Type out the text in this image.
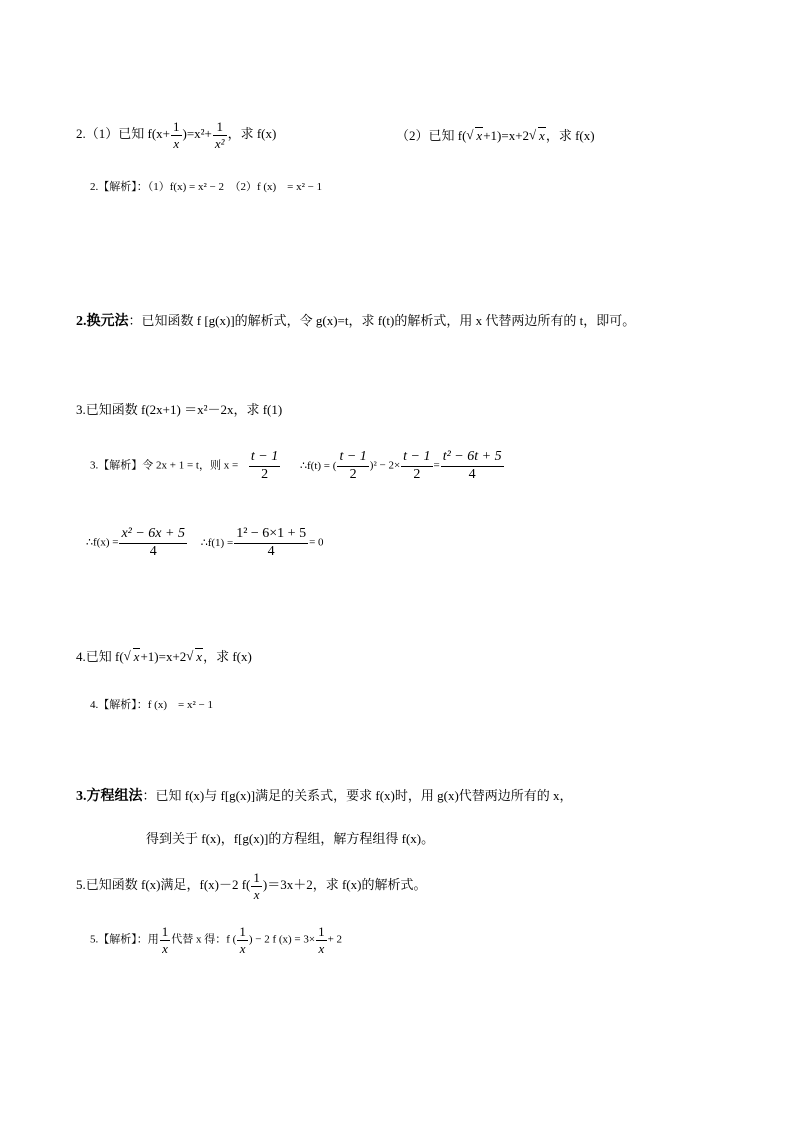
2.（1）已知 $f(x+ \frac{1}{x} )=x^2+ \frac{1}{\text{x²}}$ ，求 f(x)	（2）已知 f( √ x+1)=x+2 √ x，求 f(x)
2.【解析】：（1）f(x) = x² − 2　（2）f (x)　= x² − 1
2.换元法：已知函数 f [g(x)]的解析式，令 g(x)=t，求 f(t)的解析式，用 x 代替两边所有的 t，即可。
3.已知函数 f(2x+1) ＝x²－2x，求 f(1)
3.【解析】令 2x + 1 = t，则 $x = \frac{t - 1}{2}$ ∴f(t) = ( $\frac{t - 1}{2} )^2 - 2\times \frac{t - 1}{2} = \frac{\text{t² − 6t + 5}}{4}$
∴f(x) = $\frac{\text{x² − 6x + 5}}{4}$ ∴f(1) = $\frac{\text{1² − 6×1 + 5}}{4} = 0$
4.已知 f( √ x+1)=x+2 √ x，求 f(x)
4.【解析】：f (x)　= x² − 1
3.方程组法：已知 f(x)与 f[g(x)]满足的关系式，要求 f(x)时，用 g(x)代替两边所有的 x，
得到关于 f(x)，f[g(x)]的方程组，解方程组得 f(x)。
5.已知函数 f(x)满足，f(x)－2 $f( \frac{1}{x} )=3x+2$，求 f(x)的解析式。
5.【解析】：用 $\frac{1}{x}$ 代替 x 得：f ( $\frac{1}{x}$ ) − 2 f $(x) = 3\times \frac{1}{x} + 2$
